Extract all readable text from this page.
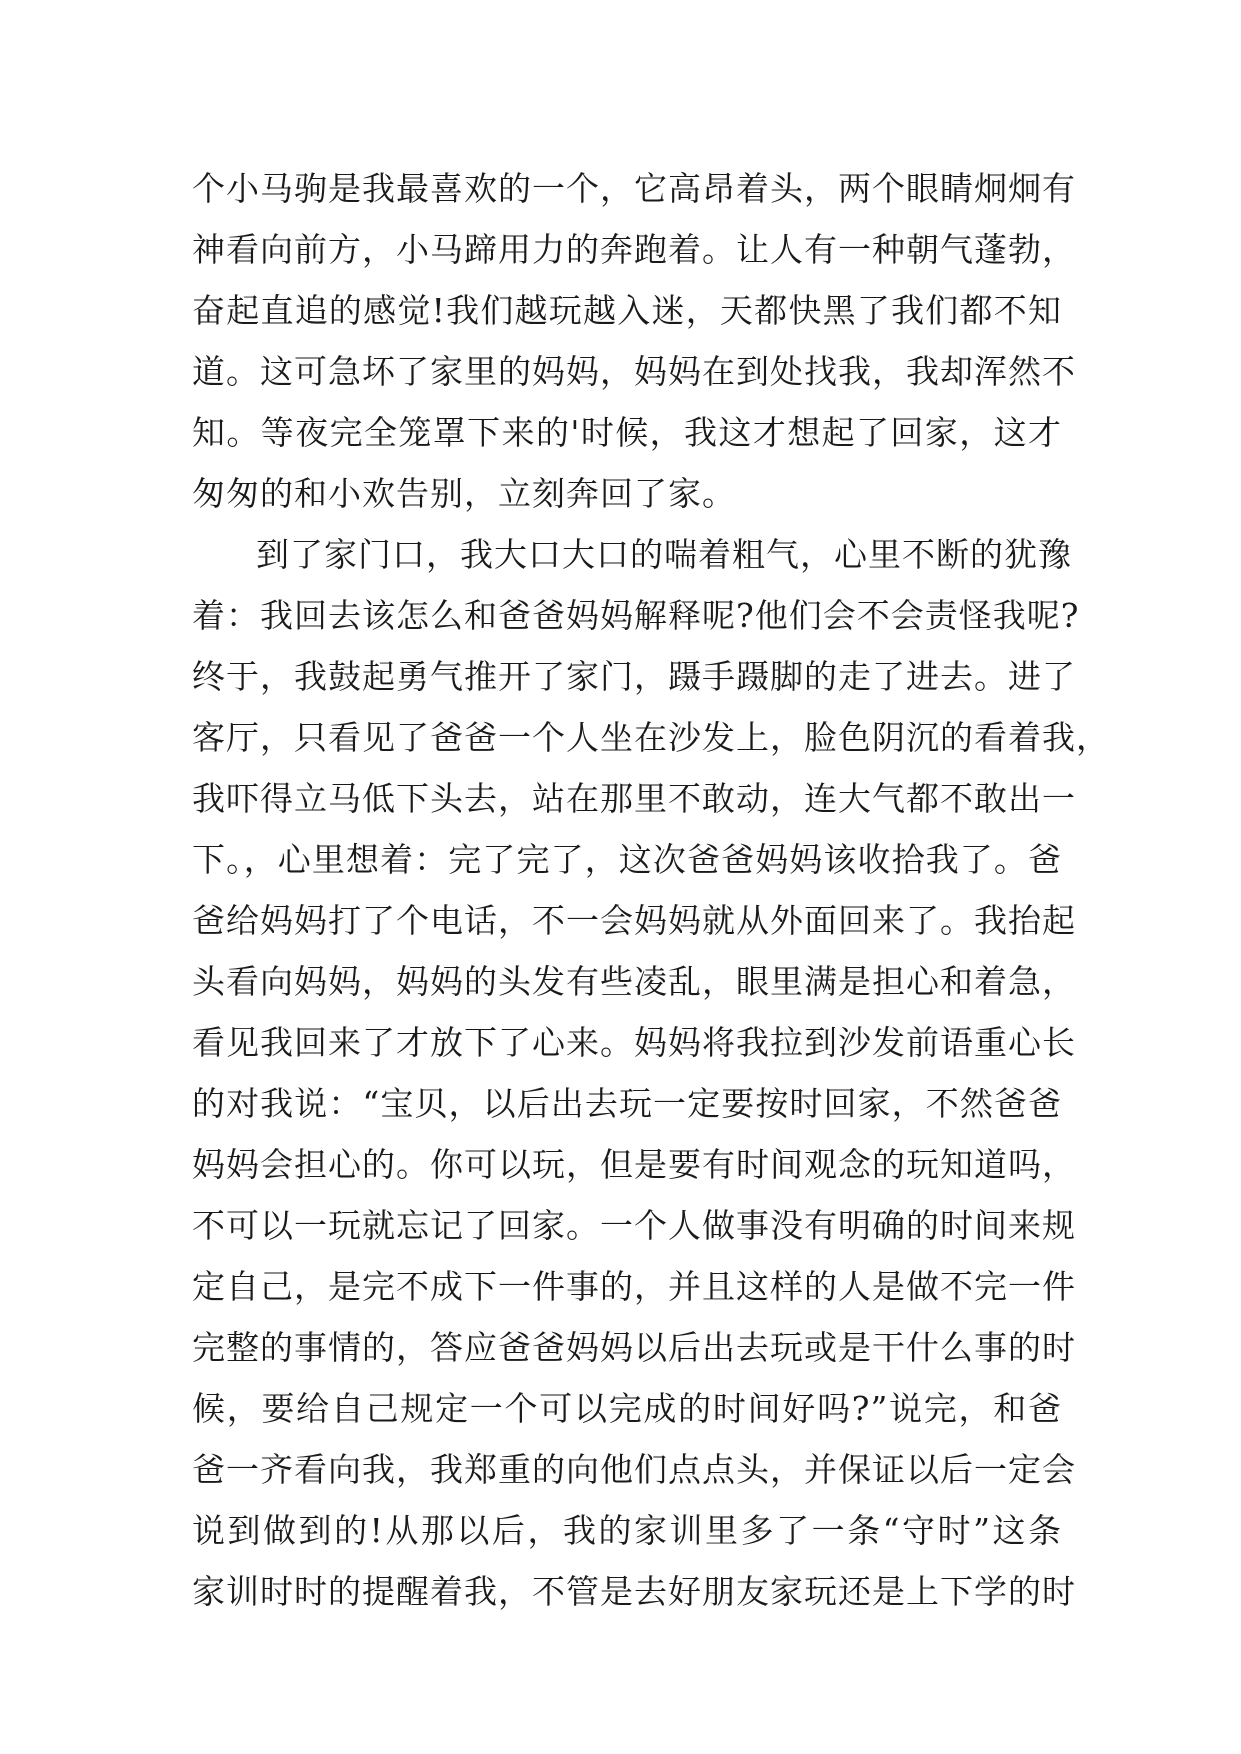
个小马驹是我最喜欢的一个，它高昂着头，两个眼睛炯炯有
神看向前方，小马蹄用力的奔跑着。让人有一种朝气蓬勃，
奋起直追的感觉!我们越玩越入迷，天都快黑了我们都不知
道。这可急坏了家里的妈妈，妈妈在到处找我，我却浑然不
知。等夜完全笼罩下来的'时候，我这才想起了回家，这才
匆匆的和小欢告别，立刻奔回了家。
到了家门口，我大口大口的喘着粗气，心里不断的犹豫
着：我回去该怎么和爸爸妈妈解释呢?他们会不会责怪我呢?
终于，我鼓起勇气推开了家门，蹑手蹑脚的走了进去。进了
客厅，只看见了爸爸一个人坐在沙发上，脸色阴沉的看着我，
我吓得立马低下头去，站在那里不敢动，连大气都不敢出一
下。，心里想着：完了完了，这次爸爸妈妈该收拾我了。爸
爸给妈妈打了个电话，不一会妈妈就从外面回来了。我抬起
头看向妈妈，妈妈的头发有些凌乱，眼里满是担心和着急，
看见我回来了才放下了心来。妈妈将我拉到沙发前语重心长
的对我说：“宝贝，以后出去玩一定要按时回家，不然爸爸
妈妈会担心的。你可以玩，但是要有时间观念的玩知道吗，
不可以一玩就忘记了回家。一个人做事没有明确的时间来规
定自己，是完不成下一件事的，并且这样的人是做不完一件
完整的事情的，答应爸爸妈妈以后出去玩或是干什么事的时
候，要给自己规定一个可以完成的时间好吗?”说完，和爸
爸一齐看向我，我郑重的向他们点点头，并保证以后一定会
说到做到的!从那以后，我的家训里多了一条“守时”这条
家训时时的提醒着我，不管是去好朋友家玩还是上下学的时
